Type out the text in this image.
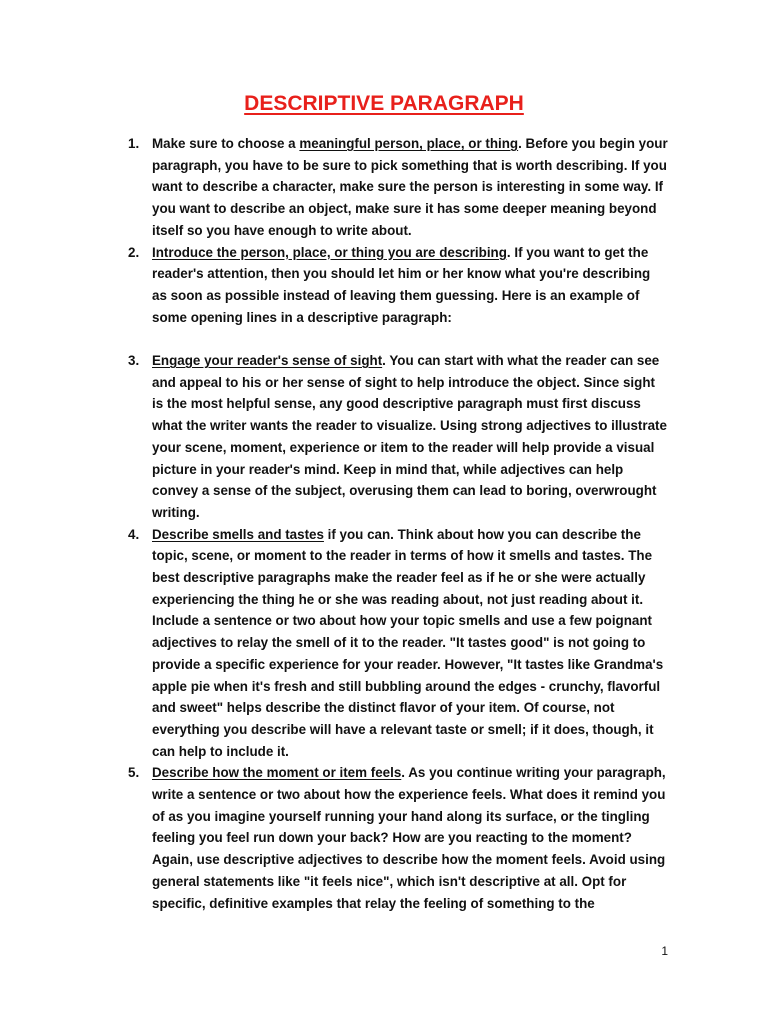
DESCRIPTIVE PARAGRAPH
1. Make sure to choose a meaningful person, place, or thing. Before you begin your paragraph, you have to be sure to pick something that is worth describing. If you want to describe a character, make sure the person is interesting in some way. If you want to describe an object, make sure it has some deeper meaning beyond itself so you have enough to write about.
2. Introduce the person, place, or thing you are describing. If you want to get the reader's attention, then you should let him or her know what you're describing as soon as possible instead of leaving them guessing. Here is an example of some opening lines in a descriptive paragraph:
3. Engage your reader's sense of sight. You can start with what the reader can see and appeal to his or her sense of sight to help introduce the object. Since sight is the most helpful sense, any good descriptive paragraph must first discuss what the writer wants the reader to visualize. Using strong adjectives to illustrate your scene, moment, experience or item to the reader will help provide a visual picture in your reader's mind. Keep in mind that, while adjectives can help convey a sense of the subject, overusing them can lead to boring, overwrought writing.
4. Describe smells and tastes if you can. Think about how you can describe the topic, scene, or moment to the reader in terms of how it smells and tastes. The best descriptive paragraphs make the reader feel as if he or she were actually experiencing the thing he or she was reading about, not just reading about it. Include a sentence or two about how your topic smells and use a few poignant adjectives to relay the smell of it to the reader. "It tastes good" is not going to provide a specific experience for your reader. However, "It tastes like Grandma's apple pie when it's fresh and still bubbling around the edges - crunchy, flavorful and sweet" helps describe the distinct flavor of your item. Of course, not everything you describe will have a relevant taste or smell; if it does, though, it can help to include it.
5. Describe how the moment or item feels. As you continue writing your paragraph, write a sentence or two about how the experience feels. What does it remind you of as you imagine yourself running your hand along its surface, or the tingling feeling you feel run down your back? How are you reacting to the moment? Again, use descriptive adjectives to describe how the moment feels. Avoid using general statements like "it feels nice", which isn't descriptive at all. Opt for specific, definitive examples that relay the feeling of something to the
1
